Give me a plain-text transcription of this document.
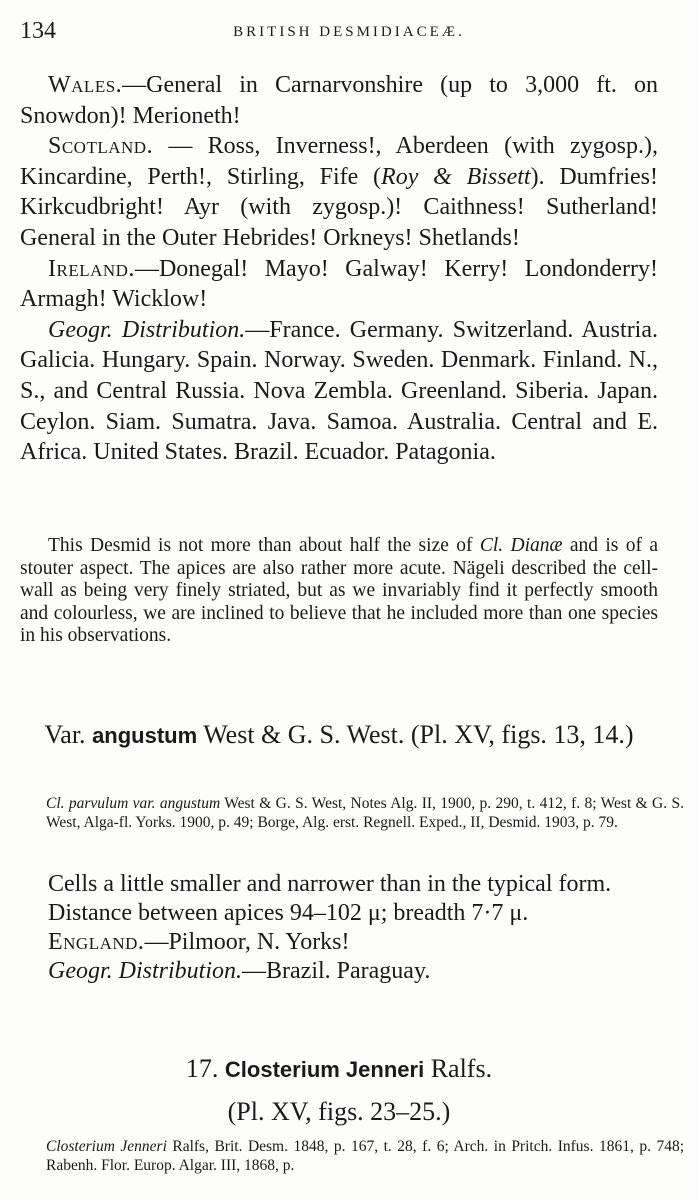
134	BRITISH DESMIDIACEÆ.

Wales.—General in Carnarvonshire (up to 3,000 ft. on Snowdon)! Merioneth!

Scotland. — Ross, Inverness!, Aberdeen (with zygosp.), Kincardine, Perth!, Stirling, Fife (Roy & Bissett). Dumfries! Kirkcudbright! Ayr (with zygosp.)! Caithness! Sutherland! General in the Outer Hebrides! Orkneys! Shetlands!

Ireland.—Donegal! Mayo! Galway! Kerry! Londonderry! Armagh! Wicklow!

Geogr. Distribution.—France. Germany. Switzerland. Austria. Galicia. Hungary. Spain. Norway. Sweden. Denmark. Finland. N., S., and Central Russia. Nova Zembla. Greenland. Siberia. Japan. Ceylon. Siam. Sumatra. Java. Samoa. Australia. Central and E. Africa. United States. Brazil. Ecuador. Patagonia.

This Desmid is not more than about half the size of Cl. Dianæ and is of a stouter aspect. The apices are also rather more acute. Nägeli described the cell-wall as being very finely striated, but as we invariably find it perfectly smooth and colourless, we are inclined to believe that he included more than one species in his observations.

Var. angustum West & G. S. West. (Pl. XV, figs. 13, 14.)

Cl. parvulum var. angustum West & G. S. West, Notes Alg. II, 1900, p. 290, t. 412, f. 8; West & G. S. West, Alga-fl. Yorks. 1900, p. 49; Borge, Alg. erst. Regnell. Exped., II, Desmid. 1903, p. 79.

Cells a little smaller and narrower than in the typical form.

Distance between apices 94–102 μ; breadth 7·7 μ.

England.—Pilmoor, N. Yorks!

Geogr. Distribution.—Brazil. Paraguay.

17. Closterium Jenneri Ralfs.
(Pl. XV, figs. 23–25.)

Closterium Jenneri Ralfs, Brit. Desm. 1848, p. 167, t. 28, f. 6; Arch. in Pritch. Infus. 1861, p. 748; Rabenh. Flor. Europ. Algar. III, 1868, p.
